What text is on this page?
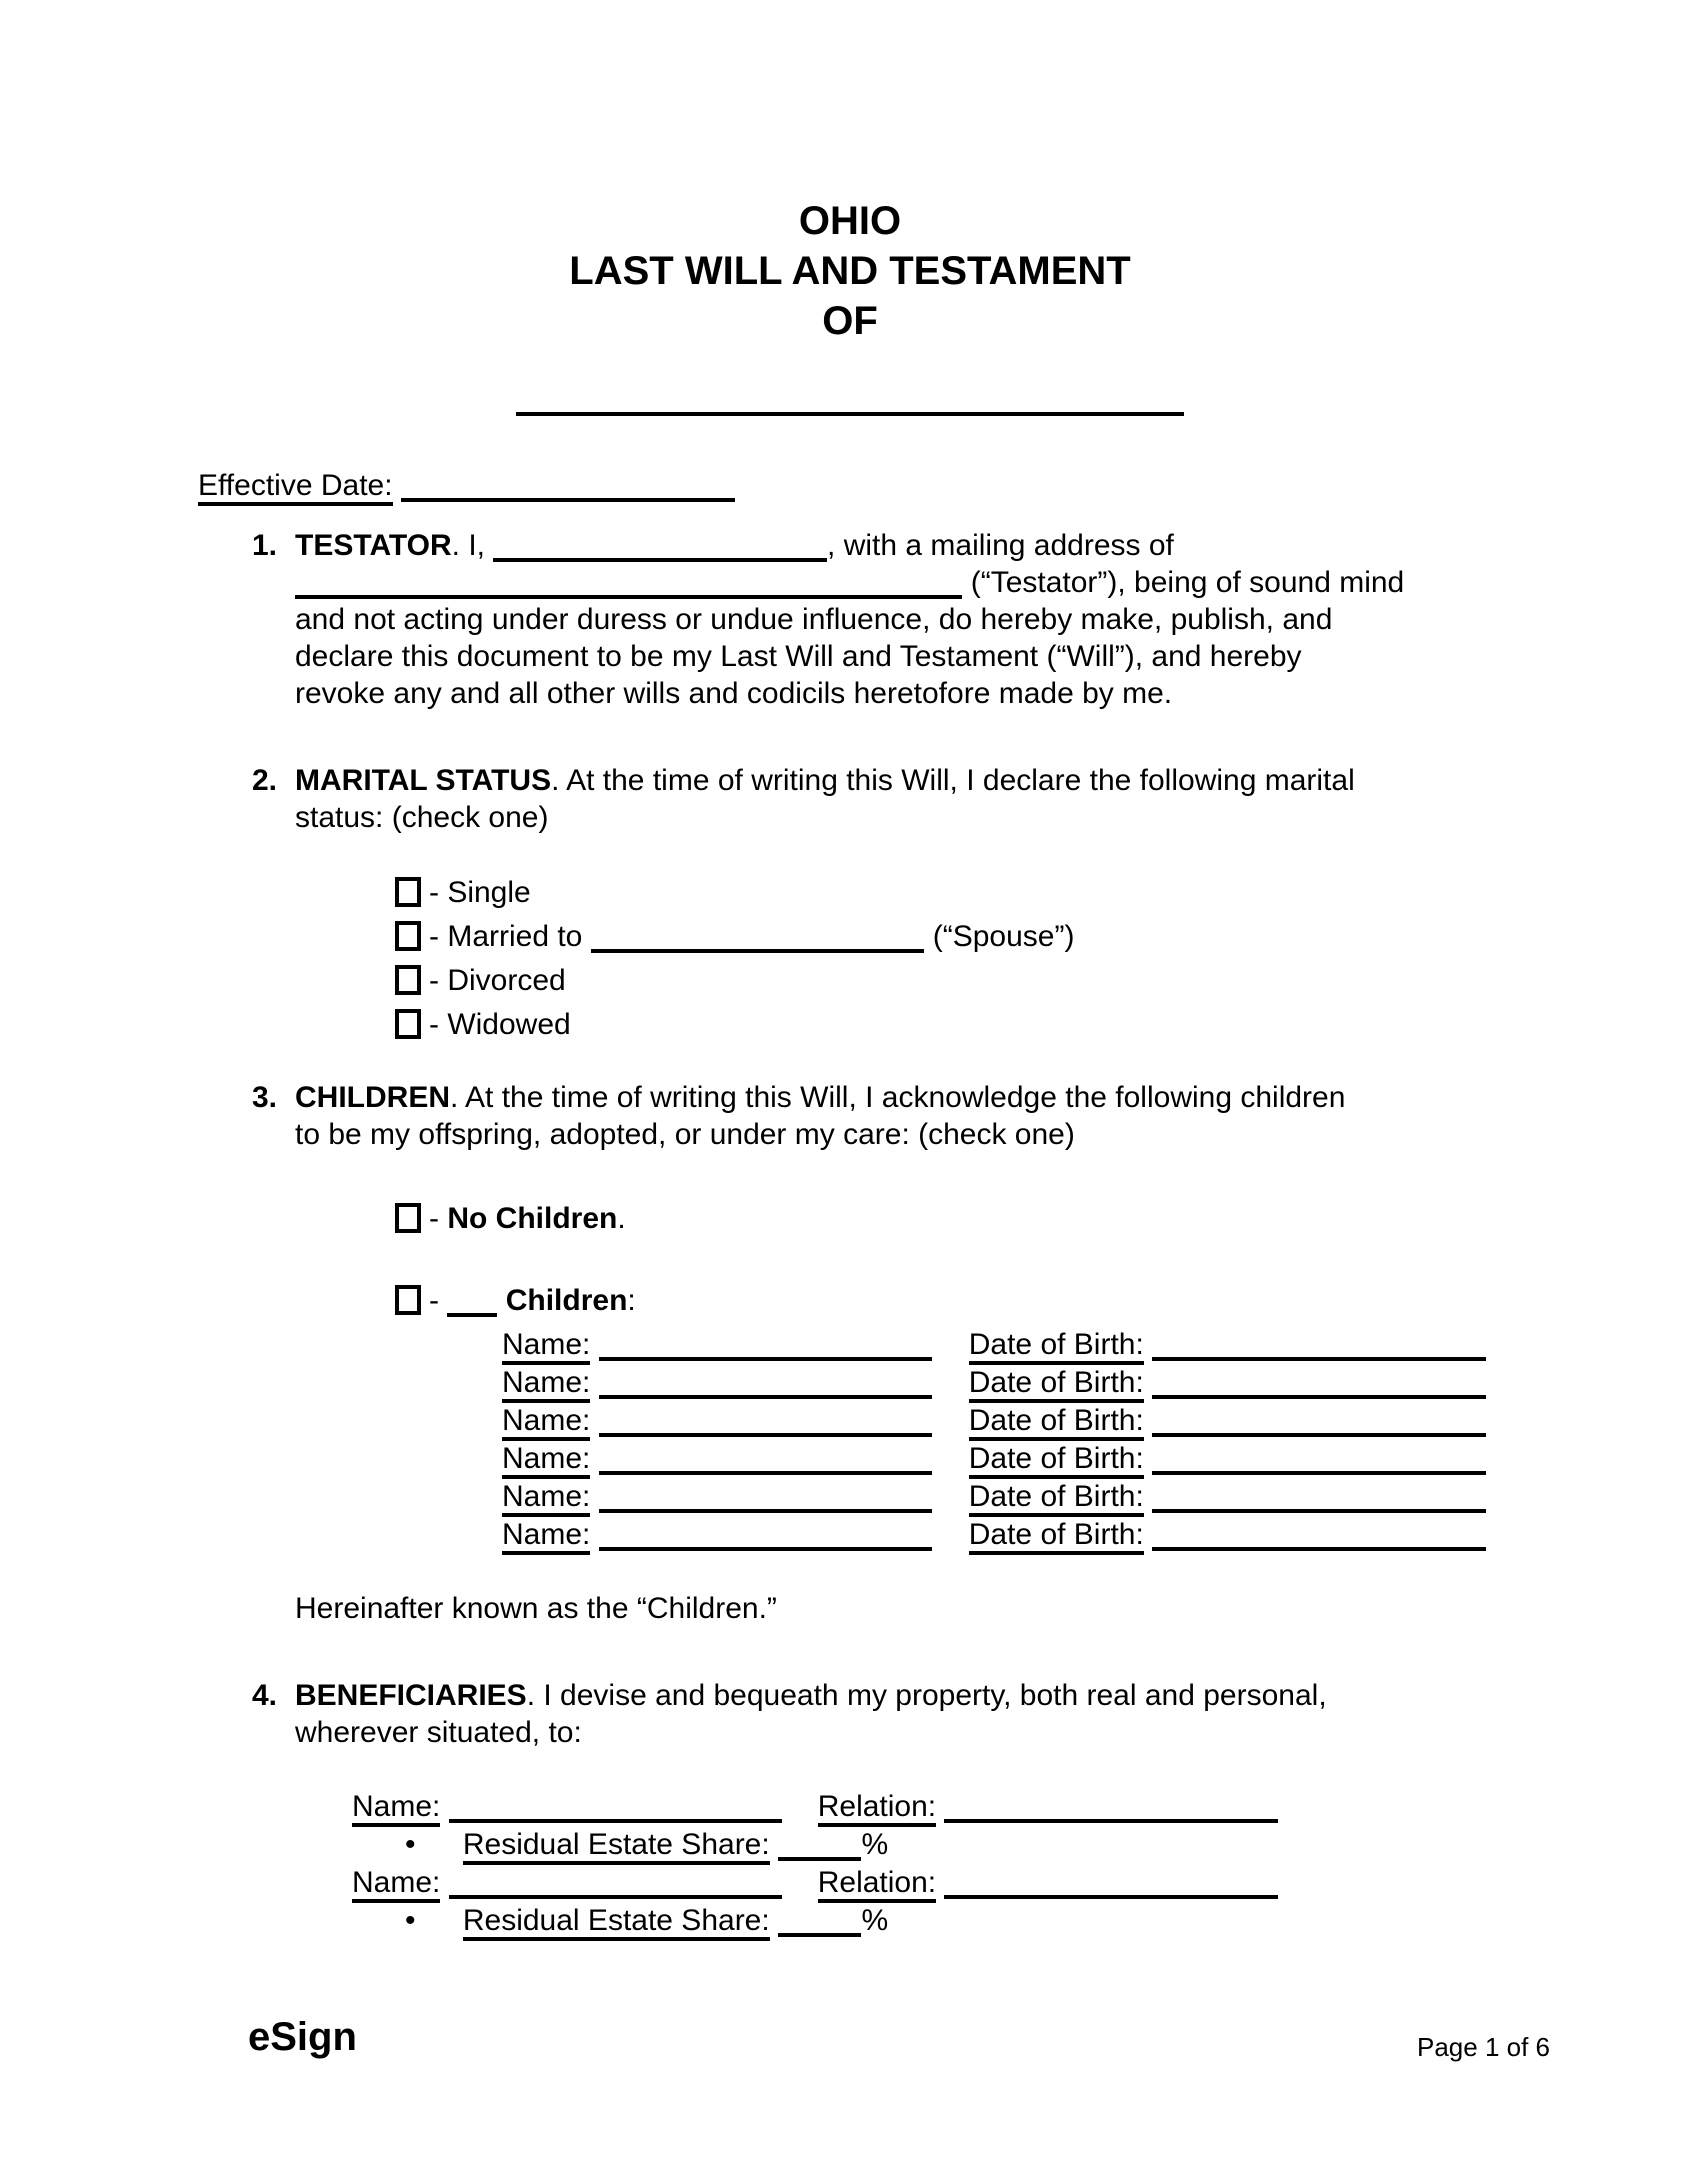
OHIO
LAST WILL AND TESTAMENT
OF
Effective Date:
1. TESTATOR. I,	, with a mailing address of
(“Testator”), being of sound mind
and not acting under duress or undue influence, do hereby make, publish, and
declare this document to be my Last Will and Testament (“Will”), and hereby
revoke any and all other wills and codicils heretofore made by me.
2. MARITAL STATUS. At the time of writing this Will, I declare the following marital
status: (check one)
- Single
- Married to	(“Spouse”)
- Divorced
- Widowed
3. CHILDREN. At the time of writing this Will, I acknowledge the following children
to be my offspring, adopted, or under my care: (check one)
- No Children.
-  Children:
Name:	Date of Birth:
Name:	Date of Birth:
Name:	Date of Birth:
Name:	Date of Birth:
Name:	Date of Birth:
Name:	Date of Birth:
Hereinafter known as the “Children.”
4. BENEFICIARIES. I devise and bequeath my property, both real and personal,
wherever situated, to:
Name:	Relation:
• Residual Estate Share:	%
Name:	Relation:
• Residual Estate Share:	%
eSign	Page 1 of 6
